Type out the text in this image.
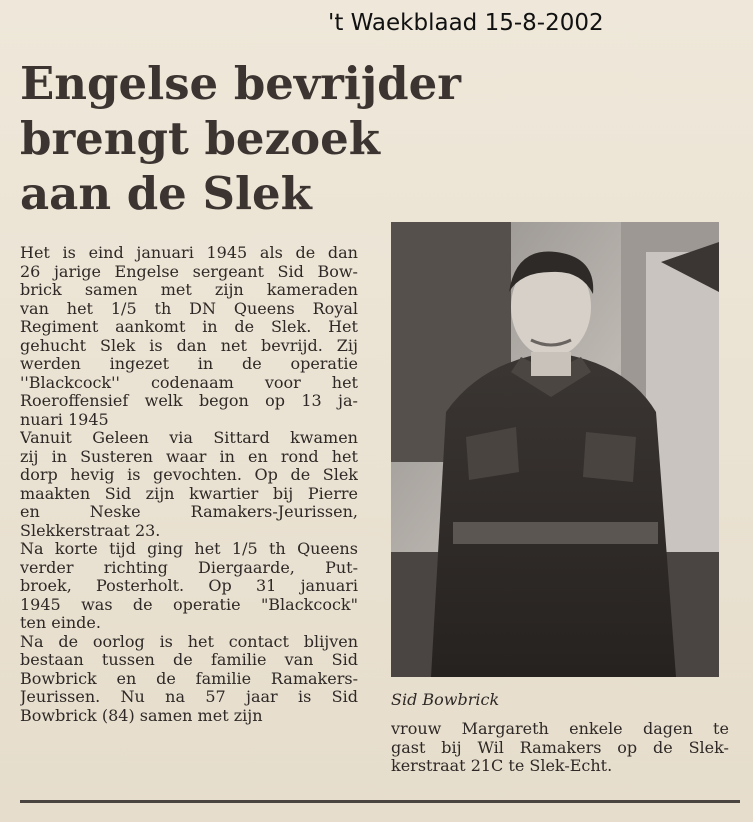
't Waekblaad 15-8-2002
Engelse bevrijder
brengt bezoek
aan de Slek
Het is eind januari 1945 als de dan
26 jarige Engelse sergeant Sid Bow-
brick samen met zijn kameraden
van het 1/5 th DN Queens Royal
Regiment aankomt in de Slek. Het
gehucht Slek is dan net bevrijd. Zij
werden ingezet in de operatie
''Blackcock'' codenaam voor het
Roeroffensief welk begon op 13 ja-
nuari 1945
Vanuit Geleen via Sittard kwamen
zij in Susteren waar in en rond het
dorp hevig is gevochten. Op de Slek
maakten Sid zijn kwartier bij Pierre
en	Neske	Ramakers-Jeurissen,
Slekkerstraat 23.
Na korte tijd ging het 1/5 th Queens
verder richting Diergaarde, Put-
broek, Posterholt. Op 31 januari
1945 was de operatie "Blackcock"
ten einde.
Na de oorlog is het contact blijven
bestaan tussen de familie van Sid
Bowbrick en de familie Ramakers-
Jeurissen. Nu na 57 jaar is Sid
Bowbrick (84) samen met zijn
Sid Bowbrick
vrouw Margareth enkele dagen te
gast bij Wil Ramakers op de Slek-
kerstraat 21C te Slek-Echt.
